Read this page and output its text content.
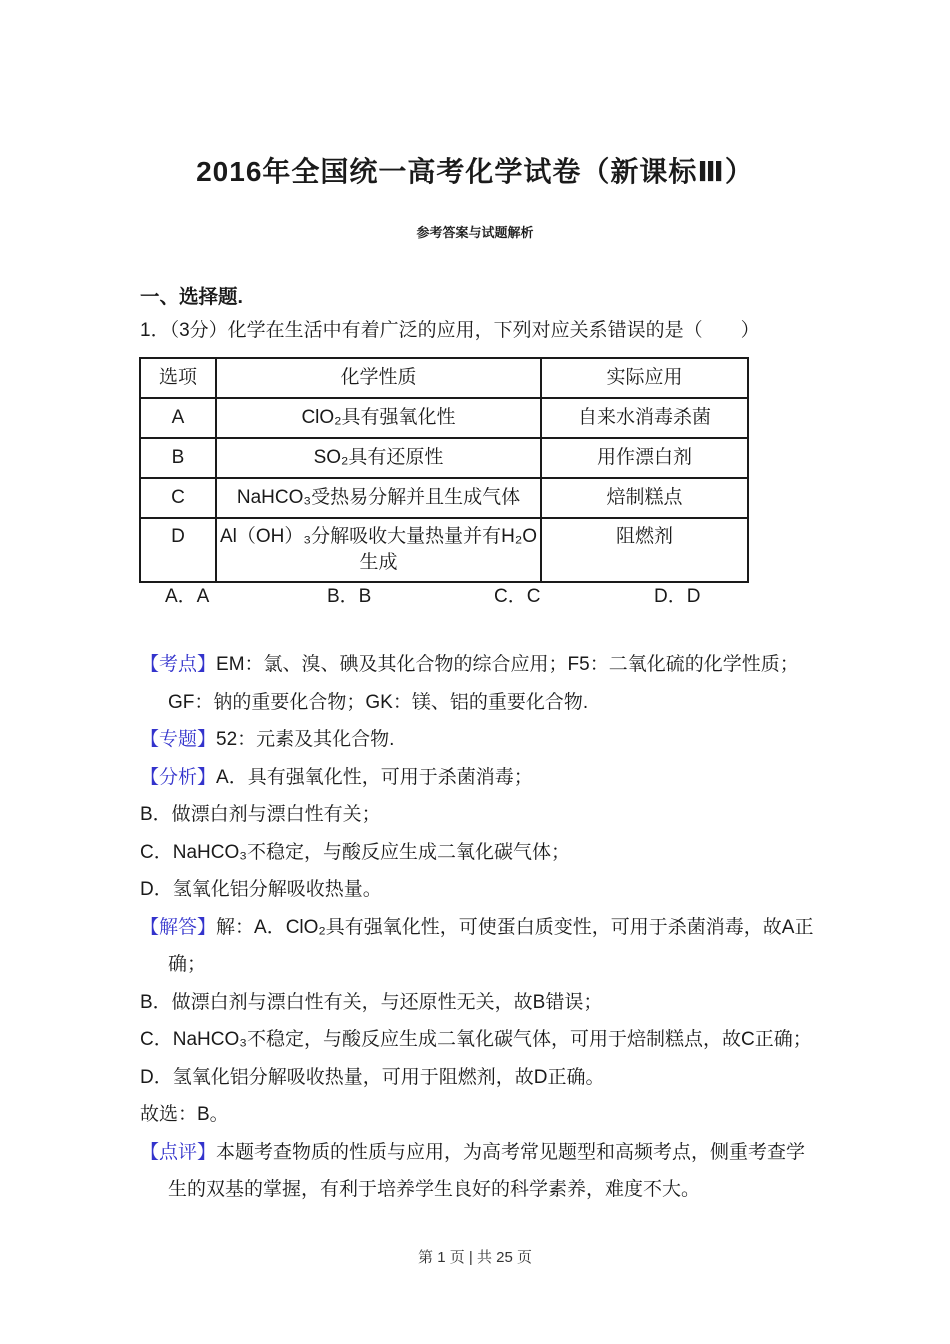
2016年全国统一高考化学试卷（新课标Ⅲ）
参考答案与试题解析
一、选择题.
1．（3分）化学在生活中有着广泛的应用，下列对应关系错误的是（　　）
选项	化学性质	实际应用
A	ClO₂具有强氧化性	自来水消毒杀菌
B	SO₂具有还原性	用作漂白剂
C	NaHCO₃受热易分解并且生成气体	焙制糕点
D	Al（OH）₃分解吸收大量热量并有H₂O生成	阻燃剂
A．A	B．B	C．C	D．D

【考点】EM：氯、溴、碘及其化合物的综合应用；F5：二氧化硫的化学性质；GF：钠的重要化合物；GK：镁、铝的重要化合物.

【专题】52：元素及其化合物.

【分析】A．具有强氧化性，可用于杀菌消毒；

B．做漂白剂与漂白性有关；

C．NaHCO₃不稳定，与酸反应生成二氧化碳气体；

D．氢氧化铝分解吸收热量。

【解答】解：A．ClO₂具有强氧化性，可使蛋白质变性，可用于杀菌消毒，故A正确；

B．做漂白剂与漂白性有关，与还原性无关，故B错误；

C．NaHCO₃不稳定，与酸反应生成二氧化碳气体，可用于焙制糕点，故C正确；

D．氢氧化铝分解吸收热量，可用于阻燃剂，故D正确。

故选：B。

【点评】本题考查物质的性质与应用，为高考常见题型和高频考点，侧重考查学生的双基的掌握，有利于培养学生良好的科学素养，难度不大。

第 1 页 | 共 25 页
